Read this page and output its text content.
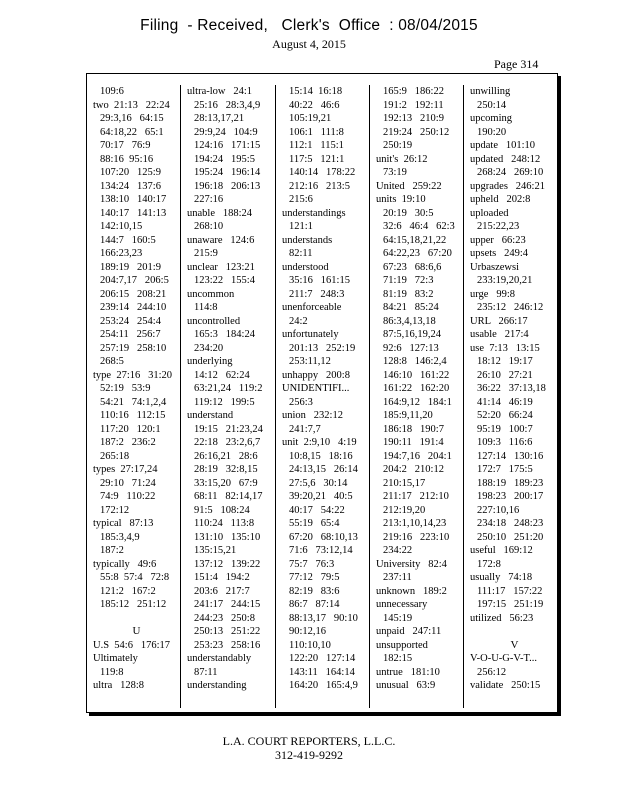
Filing  - Received,   Clerk's  Office  : 08/04/2015
August 4, 2015
Page 314
109:6
two  21:13   22:24
29:3,16   64:15
64:18,22   65:1
70:17   76:9
88:16  95:16
107:20   125:9
134:24   137:6
138:10   140:17
140:17   141:13
142:10,15
144:7   160:5
166:23,23
189:19   201:9
204:7,17   206:5
206:15   208:21
239:14   244:10
253:24   254:4
254:11   256:7
257:19   258:10
268:5
type  27:16   31:20
52:19   53:9
54:21   74:1,2,4
110:16   112:15
117:20   120:1
187:2   236:2
265:18
types  27:17,24
29:10   71:24
74:9   110:22
172:12
typical   87:13
185:3,4,9
187:2
typically   49:6
55:8  57:4   72:8
121:2   167:2
185:12   251:12
U
U.S  54:6   176:17
Ultimately
119:8
ultra   128:8
ultra-low   24:1
25:16   28:3,4,9
28:13,17,21
29:9,24   104:9
124:16   171:15
194:24   195:5
195:24   196:14
196:18   206:13
227:16
unable   188:24
268:10
unaware   124:6
215:9
unclear   123:21
123:22   155:4
uncommon
114:8
uncontrolled
165:3   184:24
234:20
underlying
14:12   62:24
63:21,24   119:2
119:12   199:5
understand
19:15   21:23,24
22:18   23:2,6,7
26:16,21   28:6
28:19   32:8,15
33:15,20   67:9
68:11   82:14,17
91:5   108:24
110:24   113:8
131:10   135:10
135:15,21
137:12   139:22
151:4   194:2
203:6   217:7
241:17   244:15
244:23   250:8
250:13   251:22
253:23   258:16
understandably
87:11
understanding
15:14  16:18
40:22   46:6
105:19,21
106:1   111:8
112:1   115:1
117:5   121:1
140:14   178:22
212:16   213:5
215:6
understandings
121:1
understands
82:11
understood
35:16   161:15
211:7   248:3
unenforceable
24:2
unfortunately
201:13   252:19
253:11,12
unhappy   200:8
UNIDENTIFI...
256:3
union   232:12
241:7,7
unit  2:9,10   4:19
10:8,15   18:16
24:13,15   26:14
27:5,6   30:14
39:20,21   40:5
40:17   54:22
55:19   65:4
67:20   68:10,13
71:6   73:12,14
75:7   76:3
77:12   79:5
82:19   83:6
86:7   87:14
88:13,17   90:10
90:12,16
110:10,10
122:20   127:14
143:11   164:14
164:20   165:4,9
165:9   186:22
191:2   192:11
192:13   210:9
219:24   250:12
250:19
unit's  26:12
73:19
United   259:22
units  19:10
20:19   30:5
32:6   46:4   62:3
64:15,18,21,22
64:22,23   67:20
67:23   68:6,6
71:19   72:3
81:19   83:2
84:21   85:24
86:3,4,13,18
87:5,16,19,24
92:6   127:13
128:8   146:2,4
146:10   161:22
161:22   162:20
164:9,12   184:1
185:9,11,20
186:18   190:7
190:11   191:4
194:7,16   204:1
204:2   210:12
210:15,17
211:17   212:10
212:19,20
213:1,10,14,23
219:16   223:10
234:22
University   82:4
237:11
unknown   189:2
unnecessary
145:19
unpaid   247:11
unsupported
182:15
untrue   181:10
unusual   63:9
unwilling
250:14
upcoming
190:20
update   101:10
updated   248:12
268:24   269:10
upgrades   246:21
upheld   202:8
uploaded
215:22,23
upper   66:23
upsets   249:4
Urbaszewsi
233:19,20,21
urge   99:8
235:12   246:12
URL   266:17
usable   217:4
use  7:13   13:15
18:12   19:17
26:10   27:21
36:22   37:13,18
41:14   46:19
52:20   66:24
95:19   100:7
109:3   116:6
127:14   130:16
172:7   175:5
188:19   189:23
198:23   200:17
227:10,16
234:18   248:23
250:10   251:20
useful   169:12
172:8
usually   74:18
111:17   157:22
197:15   251:19
utilized   56:23
V
V-O-U-G-V-T...
256:12
validate   250:15
L.A. COURT REPORTERS, L.L.C.
312-419-9292
